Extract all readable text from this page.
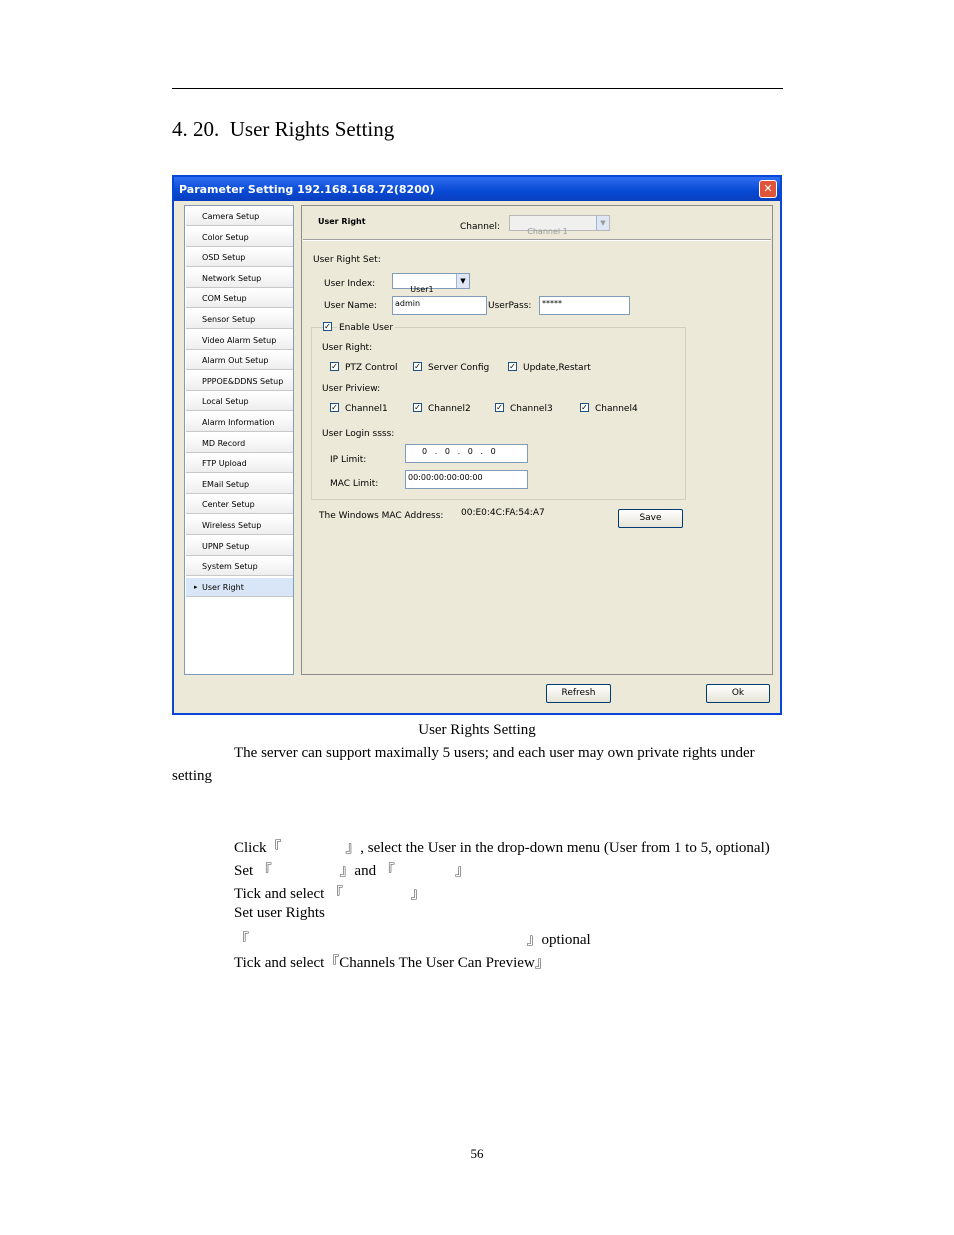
4. 20.  User Rights Setting
Parameter Setting 192.168.168.72(8200)	✕
Camera Setup
Color Setup
OSD Setup
Network Setup
COM Setup
Sensor Setup
Video Alarm Setup
Alarm Out Setup
PPPOE&DDNS Setup
Local Setup
Alarm Information
MD Record
FTP Upload
EMail Setup
Center Setup
Wireless Setup
UPNP Setup
System Setup
▸ User Right
User Right
Channel:	Channel 1

▼

User Right Set:
User Index:

User1

▼

User Name:	admin	UserPass:	*****
✓ Enable User
User Right:
✓ PTZ Control ✓ Server Config ✓ Update,Restart
User Priview:
✓ Channel1	✓ Channel2	✓ Channel3	✓ Channel4
User Login ssss:
IP Limit:
0   .   0   .   0   .   0
MAC Limit:
00:00:00:00:00:00
The Windows MAC Address: 00:E0:4C:FA:54:A7	Save
Refresh	Ok
User Rights Setting
The server can support maximally 5 users; and each user may own private rights under
setting
Click『                 』, select the User in the drop-down menu (User from 1 to 5, optional)
Set 『                  』and 『                』
Tick and select 『                  』
Set user Rights
『                                                                          』optional
Tick and select『Channels The User Can Preview』
56
